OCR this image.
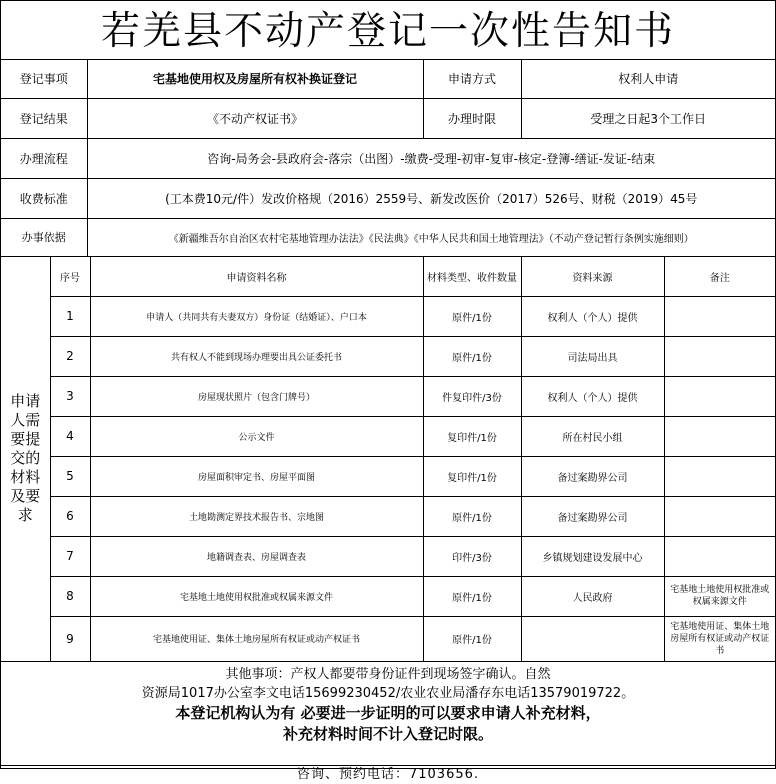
若羌县不动产登记一次性告知书
登记事项	宅基地使用权及房屋所有权补换证登记	申请方式	权利人申请
登记结果	《不动产权证书》	办理时限	受理之日起3个工作日
办理流程	咨询-局务会-县政府会-落宗（出图）-缴费-受理-初审-复审-核定-登簿-缮证-发证-结束		
收费标准	(工本费10元/件）发改价格规（2016）2559号、新发改医价（2017）526号、财税（2019）45号		
办事依据	《新疆维吾尔自治区农村宅基地管理办法法》《民法典》《中华人民共和国土地管理法》（不动产登记暂行条例实施细则）		
申请人需要提交的材料及要求	序号	申请资料名称	材料类型、收件数量	资料来源	备注
	1	申请人（共同共有夫妻双方）身份证（结婚证）、户口本	原件/1份	权利人（个人）提供	
	2	共有权人不能到现场办理要出具公证委托书	原件/1份	司法局出具	
	3	房屋现状照片（包含门牌号）	件复印件/3份	权利人（个人）提供	
	4	公示文件	复印件/1份	所在村民小组	
	5	房屋面积审定书、房屋平面图	复印件/1份	备过案勘界公司	
	6	土地勘测定界技术报告书、宗地图	原件/1份	备过案勘界公司	
	7	地籍调查表、房屋调查表	印件/3份	乡镇规划建设发展中心	
	8	宅基地土地使用权批准或权属来源文件	原件/1份	人民政府	宅基地土地使用权批准或权属来源文件
	9	宅基地使用证、集体土地房屋所有权证或动产权证书	原件/1份		宅基地使用证、集体土地房屋所有权证或动产权证书
其他事项：产权人都要带身份证件到现场签字确认。自然
资源局1017办公室李文电话15699230452/农业农业局潘存东电话13579019722。
本登记机构认为有 必要进一步证明的可以要求申请人补充材料，
补充材料时间不计入登记时限。
咨询、预约电话：7103656.
